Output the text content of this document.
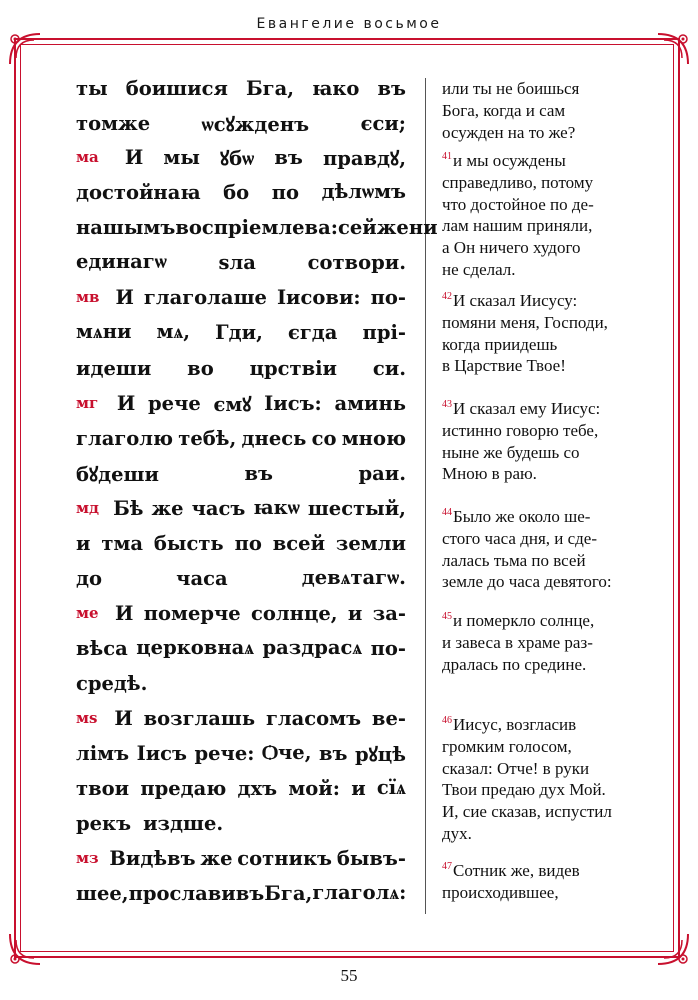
Евангелие восьмое
ты боишися Бга, ꙗко въ
томже	ѡсꙋжденъ	єси;
ма И мы ꙋбѡ въ правдꙋ,
достойнаꙗ бо по дѣлѡмъ
нашымъ воспріемлева: сей же ни
единагѡ	ѕла	сотвори.
мв И глаголаше Іисови: по-
мѧни мѧ, Гди, єгда прі-
идеши во црствіи си.
мг И рече ємꙋ Іисъ: аминь
глаголю тебѣ, днесь со мною
бꙋдеши	въ	раи.
мд Бѣ же часъ ꙗкѡ шестый,
и тма бысть по всей земли
до	часа	девѧтагѡ.
ме И померче солнце, и за-
вѣса церковнаѧ раздрасѧ по-
средѣ.
мѕ И возглашь гласомъ ве-
лімъ Іисъ рече: Ѻче, въ рꙋцѣ
твои предаю дхъ мой: и сїѧ
рекъ издше.
мз Видѣвъ же сотникъ бывъ-
шее, прославивъ Бга, глаголѧ:
или ты не боишься
Бога, когда и сам
осужден на то же?
$^{41}$и мы осуждены
справедливо, потому
что достойное по де-
лам нашим приняли,
а Он ничего худого
не сделал.
$^{42}$И сказал Иисусу:
помяни меня, Господи,
когда приидешь
в Царствие Твое!
$^{43}$И сказал ему Иисус:
истинно говорю тебе,
ныне же будешь со
Мною в раю.
$^{44}$Было же около ше-
стого часа дня, и сде-
лалась тьма по всей
земле до часа девятого:
$^{45}$и померкло солнце,
и завеса в храме раз-
дралась по средине.
$^{46}$Иисус, возгласив
громким голосом,
сказал: Отче! в руки
Твои предаю дух Мой.
И, сие сказав, испустил
дух.
$^{47}$Сотник же, видев
происходившее,
55
